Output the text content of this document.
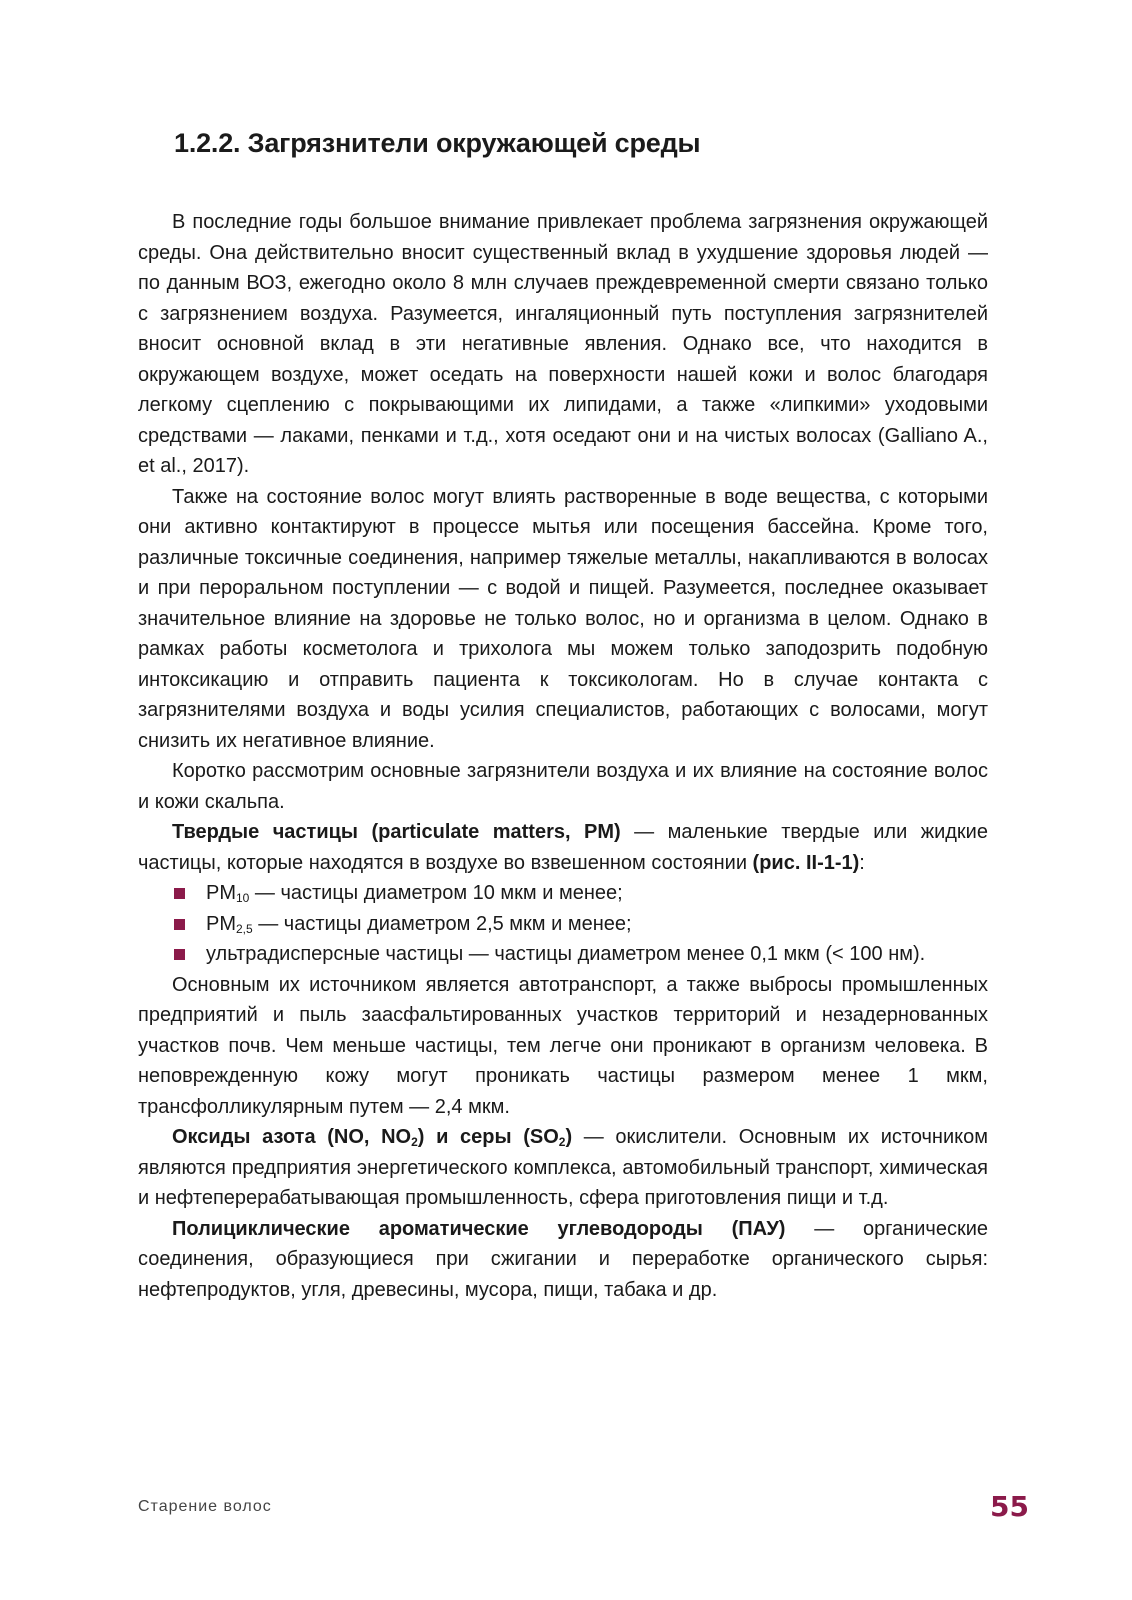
1.2.2. Загрязнители окружающей среды

В последние годы большое внимание привлекает проблема загрязнения окружающей среды. Она действительно вносит существенный вклад в ухудшение здоровья людей — по данным ВОЗ, ежегодно около 8 млн случаев преждевременной смерти связано только с загрязнением воздуха. Разумеется, ингаляционный путь поступления загрязнителей вносит основной вклад в эти негативные явления. Однако все, что находится в окружающем воздухе, может оседать на поверхности нашей кожи и волос благодаря легкому сцеплению с покрывающими их липидами, а также «липкими» уходовыми средствами — лаками, пенками и т.д., хотя оседают они и на чистых волосах (Galliano A., et al., 2017).

Также на состояние волос могут влиять растворенные в воде вещества, с которыми они активно контактируют в процессе мытья или посещения бассейна. Кроме того, различные токсичные соединения, например тяжелые металлы, накапливаются в волосах и при пероральном поступлении — с водой и пищей. Разумеется, последнее оказывает значительное влияние на здоровье не только волос, но и организма в целом. Однако в рамках работы косметолога и трихолога мы можем только заподозрить подобную интоксикацию и отправить пациента к токсикологам. Но в случае контакта с загрязнителями воздуха и воды усилия специалистов, работающих с волосами, могут снизить их негативное влияние.

Коротко рассмотрим основные загрязнители воздуха и их влияние на состояние волос и кожи скальпа.

Твердые частицы (particulate matters, PM) — маленькие твердые или жидкие частицы, которые находятся в воздухе во взвешенном состоянии (рис. II-1-1):

$PM_{10}$ — частицы диаметром 10 мкм и менее;
$PM_{2,5}$ — частицы диаметром 2,5 мкм и менее;
ультрадисперсные частицы — частицы диаметром менее 0,1 мкм (< 100 нм).

Основным их источником является автотранспорт, а также выбросы промышленных предприятий и пыль заасфальтированных участков территорий и незадернованных участков почв. Чем меньше частицы, тем легче они проникают в организм человека. В неповрежденную кожу могут проникать частицы размером менее 1 мкм, трансфолликулярным путем — 2,4 мкм.

Оксиды азота (NO, $NO_2$) и серы $(SO_2)$ — окислители. Основным их источником являются предприятия энергетического комплекса, автомобильный транспорт, химическая и нефтеперерабатывающая промышленность, сфера приготовления пищи и т.д.

Полициклические ароматические углеводороды (ПАУ) — органические соединения, образующиеся при сжигании и переработке органического сырья: нефтепродуктов, угля, древесины, мусора, пищи, табака и др.

Старение волос	55
